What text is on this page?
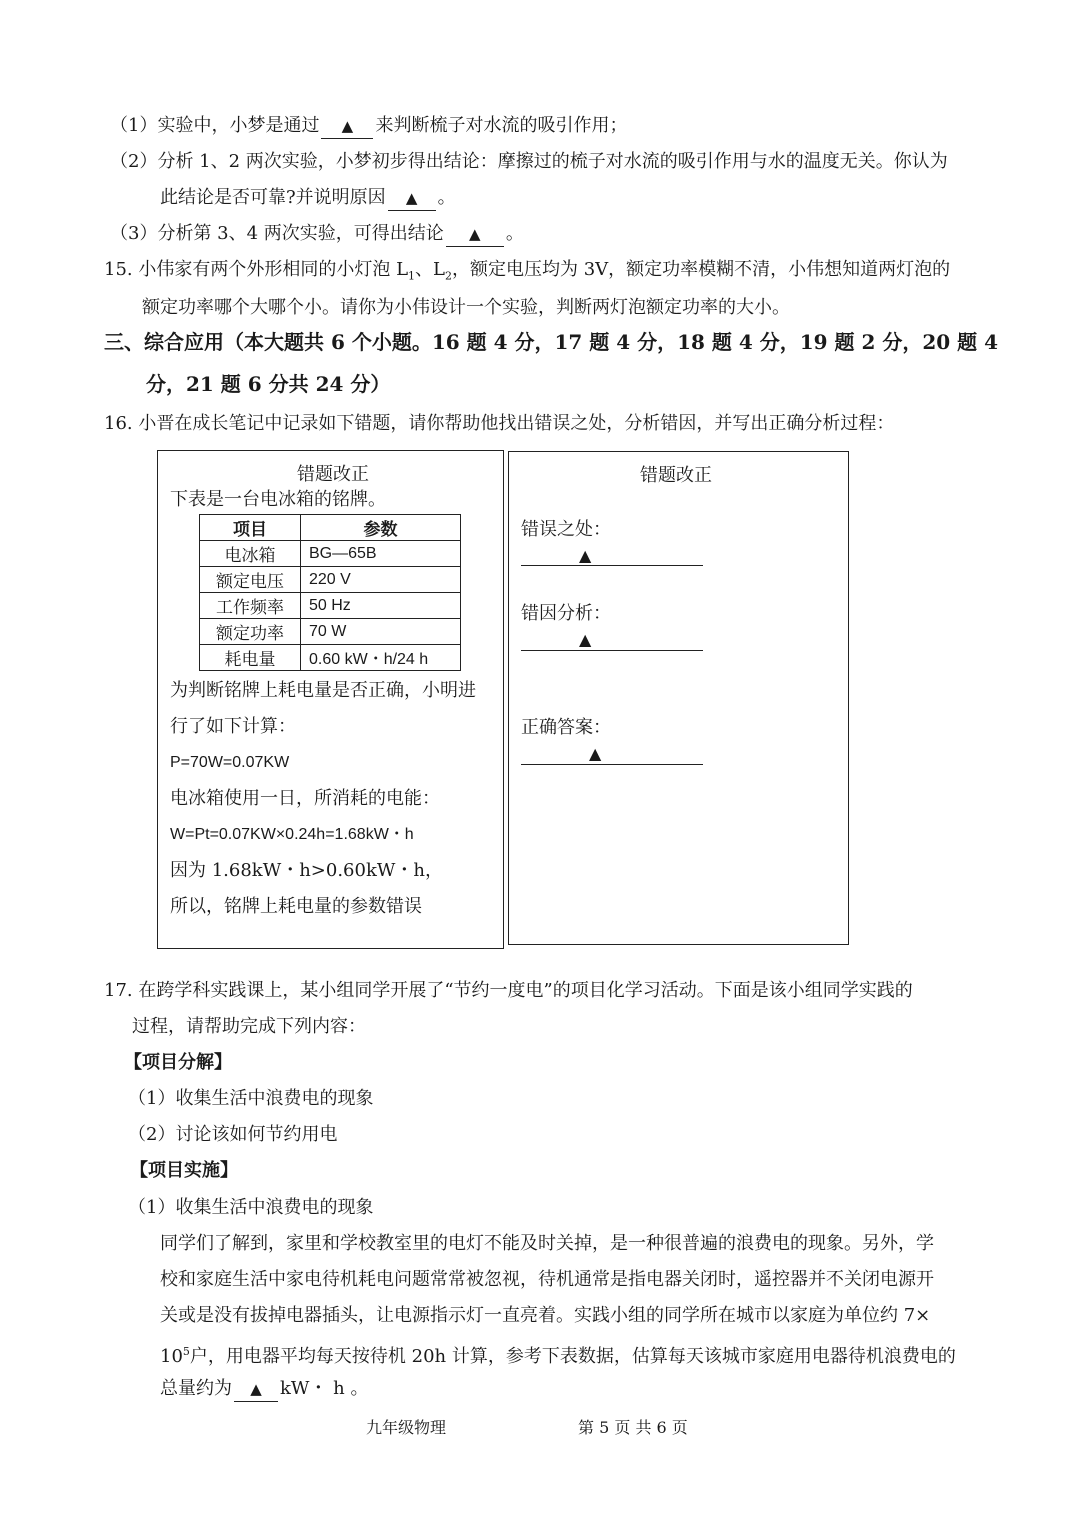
（1）实验中，小梦是通过 ▲ 来判断梳子对水流的吸引作用；
（2）分析 1、2 两次实验，小梦初步得出结论：摩擦过的梳子对水流的吸引作用与水的温度无关。你认为
此结论是否可靠?并说明原因 ▲ 。
（3）分析第 3、4 两次实验，可得出结论 ▲ 。
15. 小伟家有两个外形相同的小灯泡 $L_1$、$L_2$，额定电压均为 3V，额定功率模糊不清，小伟想知道两灯泡的
额定功率哪个大哪个小。请你为小伟设计一个实验，判断两灯泡额定功率的大小。
三、综合应用（本大题共 6 个小题。16 题 4 分，17 题 4 分，18 题 4 分，19 题 2 分，20 题 4
分，21 题 6 分共 24 分）
16. 小晋在成长笔记中记录如下错题，请你帮助他找出错误之处，分析错因，并写出正确分析过程：
错题改正
下表是一台电冰箱的铭牌。
项目	参数
电冰箱	BG—65B
额定电压	220 V
工作频率	50 Hz
额定功率	70 W
耗电量	0.60 kW・h/24 h
为判断铭牌上耗电量是否正确，小明进
行了如下计算：
P=70W=0.07KW
电冰箱使用一日，所消耗的电能：
W=Pt=0.07KW×0.24h=1.68kW・h
因为 1.68kW・h>0.60kW・h，
所以，铭牌上耗电量的参数错误
错题改正
错误之处：
▲
错因分析：
▲
正确答案：
▲
17. 在跨学科实践课上，某小组同学开展了“节约一度电”的项目化学习活动。下面是该小组同学实践的
过程，请帮助完成下列内容：
【项目分解】
（1）收集生活中浪费电的现象
（2）讨论该如何节约用电
【项目实施】
（1）收集生活中浪费电的现象
同学们了解到，家里和学校教室里的电灯不能及时关掉，是一种很普遍的浪费电的现象。另外，学
校和家庭生活中家电待机耗电问题常常被忽视，待机通常是指电器关闭时，遥控器并不关闭电源开
关或是没有拔掉电器插头，让电源指示灯一直亮着。实践小组的同学所在城市以家庭为单位约 7×
$10^5$户，用电器平均每天按待机 20h 计算，参考下表数据，估算每天该城市家庭用电器待机浪费电的
总量约为 ▲ kW・ h 。
九年级物理	第 5 页 共 6 页
